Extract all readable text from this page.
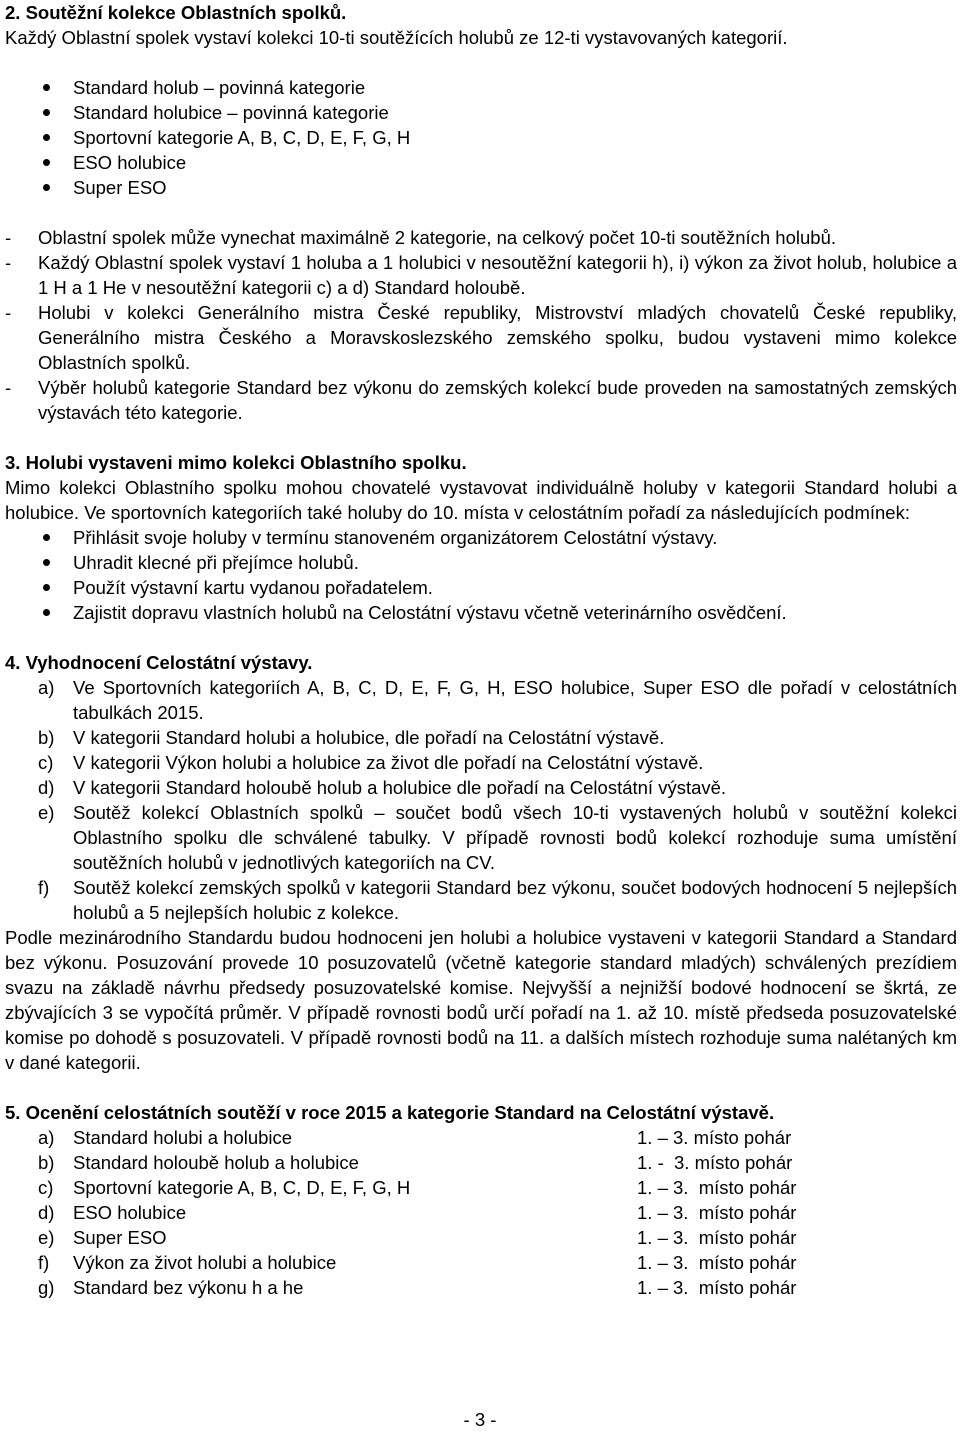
2. Soutěžní kolekce Oblastních spolků.

Každý Oblastní spolek vystaví kolekci 10-ti soutěžících holubů ze 12-ti vystavovaných kategorií.

Standard holub – povinná kategorie
Standard holubice – povinná kategorie
Sportovní kategorie A, B, C, D, E, F, G, H
ESO holubice
Super ESO
- Oblastní spolek může vynechat maximálně 2 kategorie, na celkový počet 10-ti soutěžních holubů.
- Každý Oblastní spolek vystaví 1 holuba a 1 holubici v nesoutěžní kategorii h), i) výkon za život holub, holubice a 1 H a 1 He v nesoutěžní kategorii c) a d) Standard holoubě.
- Holubi v kolekci Generálního mistra České republiky, Mistrovství mladých chovatelů České republiky, Generálního mistra Českého a Moravskoslezského zemského spolku, budou vystaveni mimo kolekce Oblastních spolků.
- Výběr holubů kategorie Standard bez výkonu do zemských kolekcí bude proveden na samostatných zemských výstavách této kategorie.

3. Holubi vystaveni mimo kolekci Oblastního spolku.

Mimo kolekci Oblastního spolku mohou chovatelé vystavovat individuálně holuby v kategorii Standard holubi a holubice. Ve sportovních kategoriích také holuby do 10. místa v celostátním pořadí za následujících podmínek:

Přihlásit svoje holuby v termínu stanoveném organizátorem Celostátní výstavy.
Uhradit klecné při přejímce holubů.
Použít výstavní kartu vydanou pořadatelem.
Zajistit dopravu vlastních holubů na Celostátní výstavu včetně veterinárního osvědčení.

4. Vyhodnocení Celostátní výstavy.

a) Ve Sportovních kategoriích A, B, C, D, E, F, G, H, ESO holubice, Super ESO dle pořadí v celostátních tabulkách 2015.
b) V kategorii Standard holubi a holubice, dle pořadí na Celostátní výstavě.
c) V kategorii Výkon holubi a holubice za život dle pořadí na Celostátní výstavě.
d) V kategorii Standard holoubě holub a holubice dle pořadí na Celostátní výstavě.
e) Soutěž kolekcí Oblastních spolků – součet bodů všech 10-ti vystavených holubů v soutěžní kolekci Oblastního spolku dle schválené tabulky. V případě rovnosti bodů kolekcí rozhoduje suma umístění soutěžních holubů v jednotlivých kategoriích na CV.
f) Soutěž kolekcí zemských spolků v kategorii Standard bez výkonu, součet bodových hodnocení 5 nejlepších holubů a 5 nejlepších holubic z kolekce.

Podle mezinárodního Standardu budou hodnoceni jen holubi a holubice vystaveni v kategorii Standard a Standard bez výkonu. Posuzování provede 10 posuzovatelů (včetně kategorie standard mladých) schválených prezídiem svazu na základě návrhu předsedy posuzovatelské komise. Nejvyšší a nejnižší bodové hodnocení se škrtá, ze zbývajících 3 se vypočítá průměr. V případě rovnosti bodů určí pořadí na 1. až 10. místě předseda posuzovatelské komise po dohodě s posuzovateli. V případě rovnosti bodů na 11. a dalších místech rozhoduje suma nalétaných km v dané kategorii.

5. Ocenění celostátních soutěží v roce 2015 a kategorie Standard na Celostátní výstavě.

a) Standard holubi a holubice	1. – 3. místo pohár
b) Standard holoubě holub a holubice	1. -  3. místo pohár
c) Sportovní kategorie A, B, C, D, E, F, G, H	1. – 3.  místo pohár
d) ESO holubice	1. – 3.  místo pohár
e) Super ESO	1. – 3.  místo pohár
f) Výkon za život holubi a holubice	1. – 3.  místo pohár
g) Standard bez výkonu h a he	1. – 3.  místo pohár
- 3 -
